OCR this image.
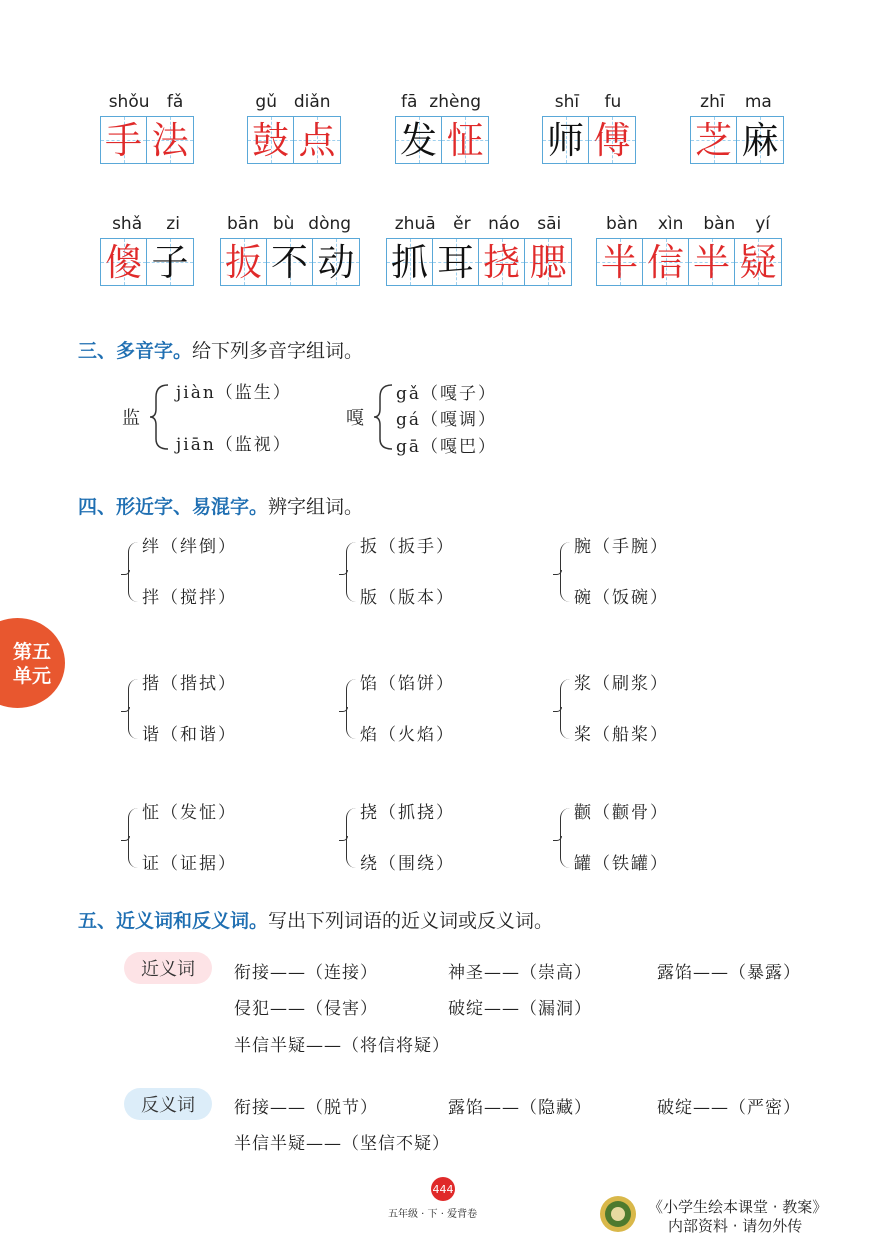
shǒu fǎ
手 法
gǔ diǎn
鼓 点
fā zhèng
发 怔
shī fu
师 傅
zhī ma
芝 麻
shǎ zi
傻 子
bān bù dòng
扳 不 动
zhuā ěr náo sāi
抓 耳 挠 腮
bàn xìn bàn yí
半 信 半 疑
三、多音字。给下列多音字组词。
监
jiàn（监生）
jiān（监视）
嘎
gǎ（嘎子）
gá（嘎调）
gā（嘎巴）
四、形近字、易混字。辨字组词。
绊（绊倒）
拌（搅拌）
扳（扳手）
版（版本）
腕（手腕）
碗（饭碗）
揩（揩拭）
谐（和谐）
馅（馅饼）
焰（火焰）
浆（刷浆）
桨（船桨）
怔（发怔）
证（证据）
挠（抓挠）
绕（围绕）
颧（颧骨）
罐（铁罐）
第五
单元
五、近义词和反义词。写出下列词语的近义词或反义词。
近义词	衔接——（连接）	神圣——（崇高）	露馅——（暴露）
侵犯——（侵害）	破绽——（漏洞）
半信半疑——（将信将疑）
反义词	衔接——（脱节）	露馅——（隐藏）	破绽——（严密）
半信半疑——（坚信不疑）
444
五年级 · 下 · 爱背卷	《小学生绘本课堂 · 教案》
内部资料 · 请勿外传
